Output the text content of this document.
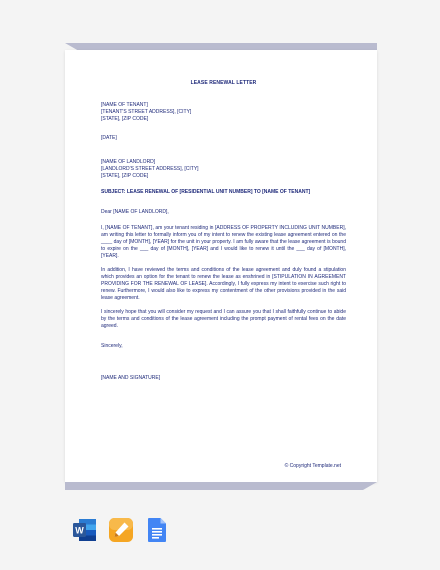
LEASE RENEWAL LETTER
[NAME OF TENANT]
[TENANT'S STREET ADDRESS], [CITY]
[STATE], [ZIP CODE]
[DATE]
[NAME OF LANDLORD]
[LANDLORD'S STREET ADDRESS], [CITY]
[STATE], [ZIP CODE]
SUBJECT: LEASE RENEWAL OF [RESIDENTIAL UNIT NUMBER] TO [NAME OF TENANT]

Dear [NAME OF LANDLORD],

I, [NAME OF TENANT], am your tenant residing in [ADDRESS OF PROPERTY INCLUDING UNIT NUMBER], am writing this letter to formally inform you of my intent to renew the existing lease agreement entered on the ____ day of [MONTH], [YEAR] for the unit in your property. I am fully aware that the lease agreement is bound to expire on the ___ day of [MONTH], [YEAR] and I would like to renew it until the ___ day of [MONTH], [YEAR].

In addition, I have reviewed the terms and conditions of the lease agreement and duly found a stipulation which provides an option for the tenant to renew the lease as enshrined in [STIPULATION IN AGREEMENT PROVIDING FOR THE RENEWAL OF LEASE]. Accordingly, I fully express my intent to exercise such right to renew. Furthermore, I would also like to express my contentment of the other provisions provided in the said lease agreement.

I sincerely hope that you will consider my request and I can assure you that I shall faithfully continue to abide by the terms and conditions of the lease agreement including the prompt payment of rental fees on the date agreed.

Sincerely,

[NAME AND SIGNATURE]

© Copyright Template.net
W
